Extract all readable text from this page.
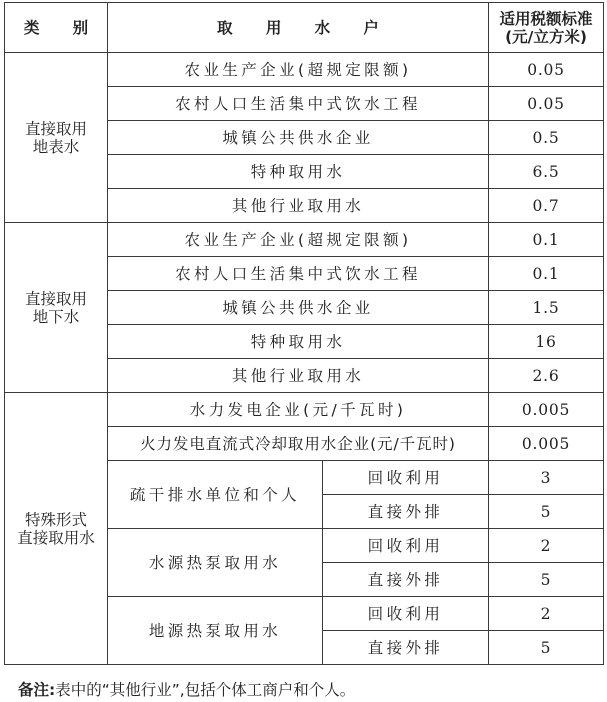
类 别	取 用 水 户		适用税额标准
(元/立方米)

直接取用
地表水	农业生产企业(超规定限额)		0.05
	农村人口生活集中式饮水工程		0.05
	城镇公共供水企业		0.5
	特种取用水		6.5
	其他行业取用水		0.7

直接取用
地下水	农业生产企业(超规定限额)		0.1
	农村人口生活集中式饮水工程		0.1
	城镇公共供水企业		1.5
	特种取用水		16
	其他行业取用水		2.6

特殊形式
直接取用水	水力发电企业(元/千瓦时)		0.005
	火力发电直流式冷却取用水企业(元/千瓦时)		0.005
	疏干排水单位和个人	回收利用	3
		直接外排	5
	水源热泵取用水	回收利用	2
		直接外排	5
	地源热泵取用水	回收利用	2
		直接外排	5
备注:表中的“其他行业”,包括个体工商户和个人。
